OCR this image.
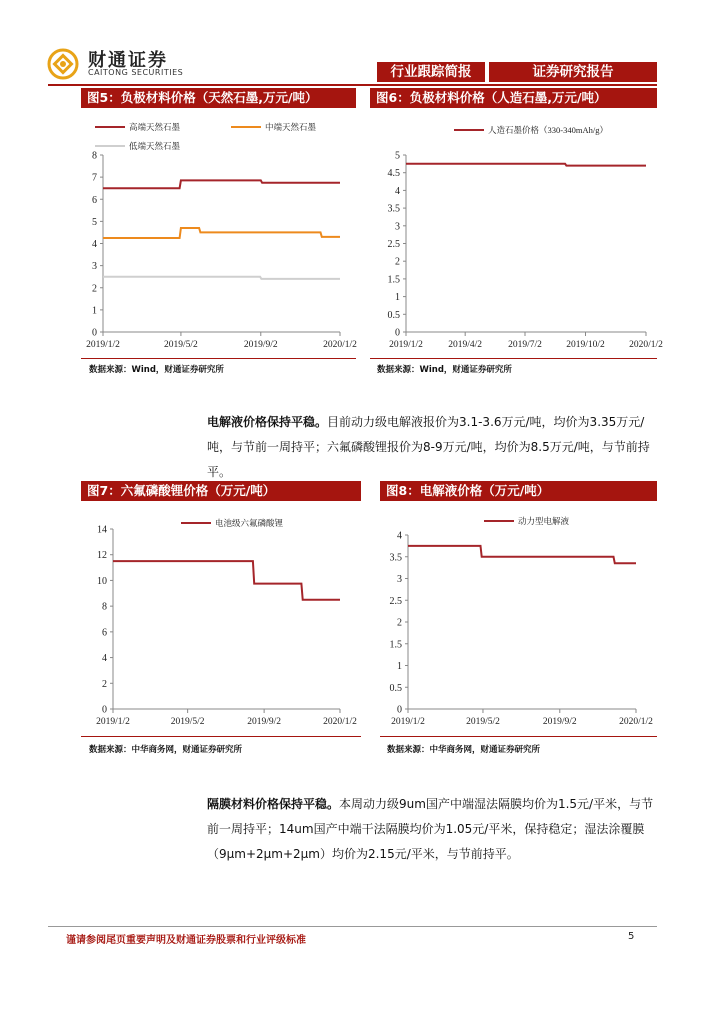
财通证券
CAITONG SECURITIES	行业跟踪简报	证券研究报告
图5：负极材料价格（天然石墨,万元/吨）
0
1
2
3
4
5
6
7
8
2019/1/2	2019/5/2	2019/9/2	2020/1/2
高端天然石墨	中端天然石墨
低端天然石墨
数据来源：Wind，财通证券研究所
图6：负极材料价格（人造石墨,万元/吨）
0
0.5
1
1.5
2
2.5
3
3.5
4
4.5
5
2019/1/2	2019/4/2	2019/7/2	2019/10/2	2020/1/2
人造石墨价格（330-340mAh/g）
数据来源：Wind，财通证券研究所
电解液价格保持平稳。目前动力级电解液报价为3.1-3.6万元/吨，均价为3.35万元/吨，与节前一周持平；六氟磷酸锂报价为8-9万元/吨，均价为8.5万元/吨，与节前持平。
图7：六氟磷酸锂价格（万元/吨）
0
2
4
6
8
10
12
14
2019/1/2	2019/5/2	2019/9/2	2020/1/2
电池级六氟磷酸锂
数据来源：中华商务网，财通证券研究所
图8：电解液价格（万元/吨）
0
0.5
1
1.5
2
2.5
3
3.5
4
2019/1/2	2019/5/2	2019/9/2	2020/1/2
动力型电解液
数据来源：中华商务网，财通证券研究所
隔膜材料价格保持平稳。本周动力级9um国产中端湿法隔膜均价为1.5元/平米，与节前一周持平；14um国产中端干法隔膜均价为1.05元/平米，保持稳定；湿法涂覆膜（9μm+2μm+2μm）均价为2.15元/平米，与节前持平。
谨请参阅尾页重要声明及财通证券股票和行业评级标准	5
